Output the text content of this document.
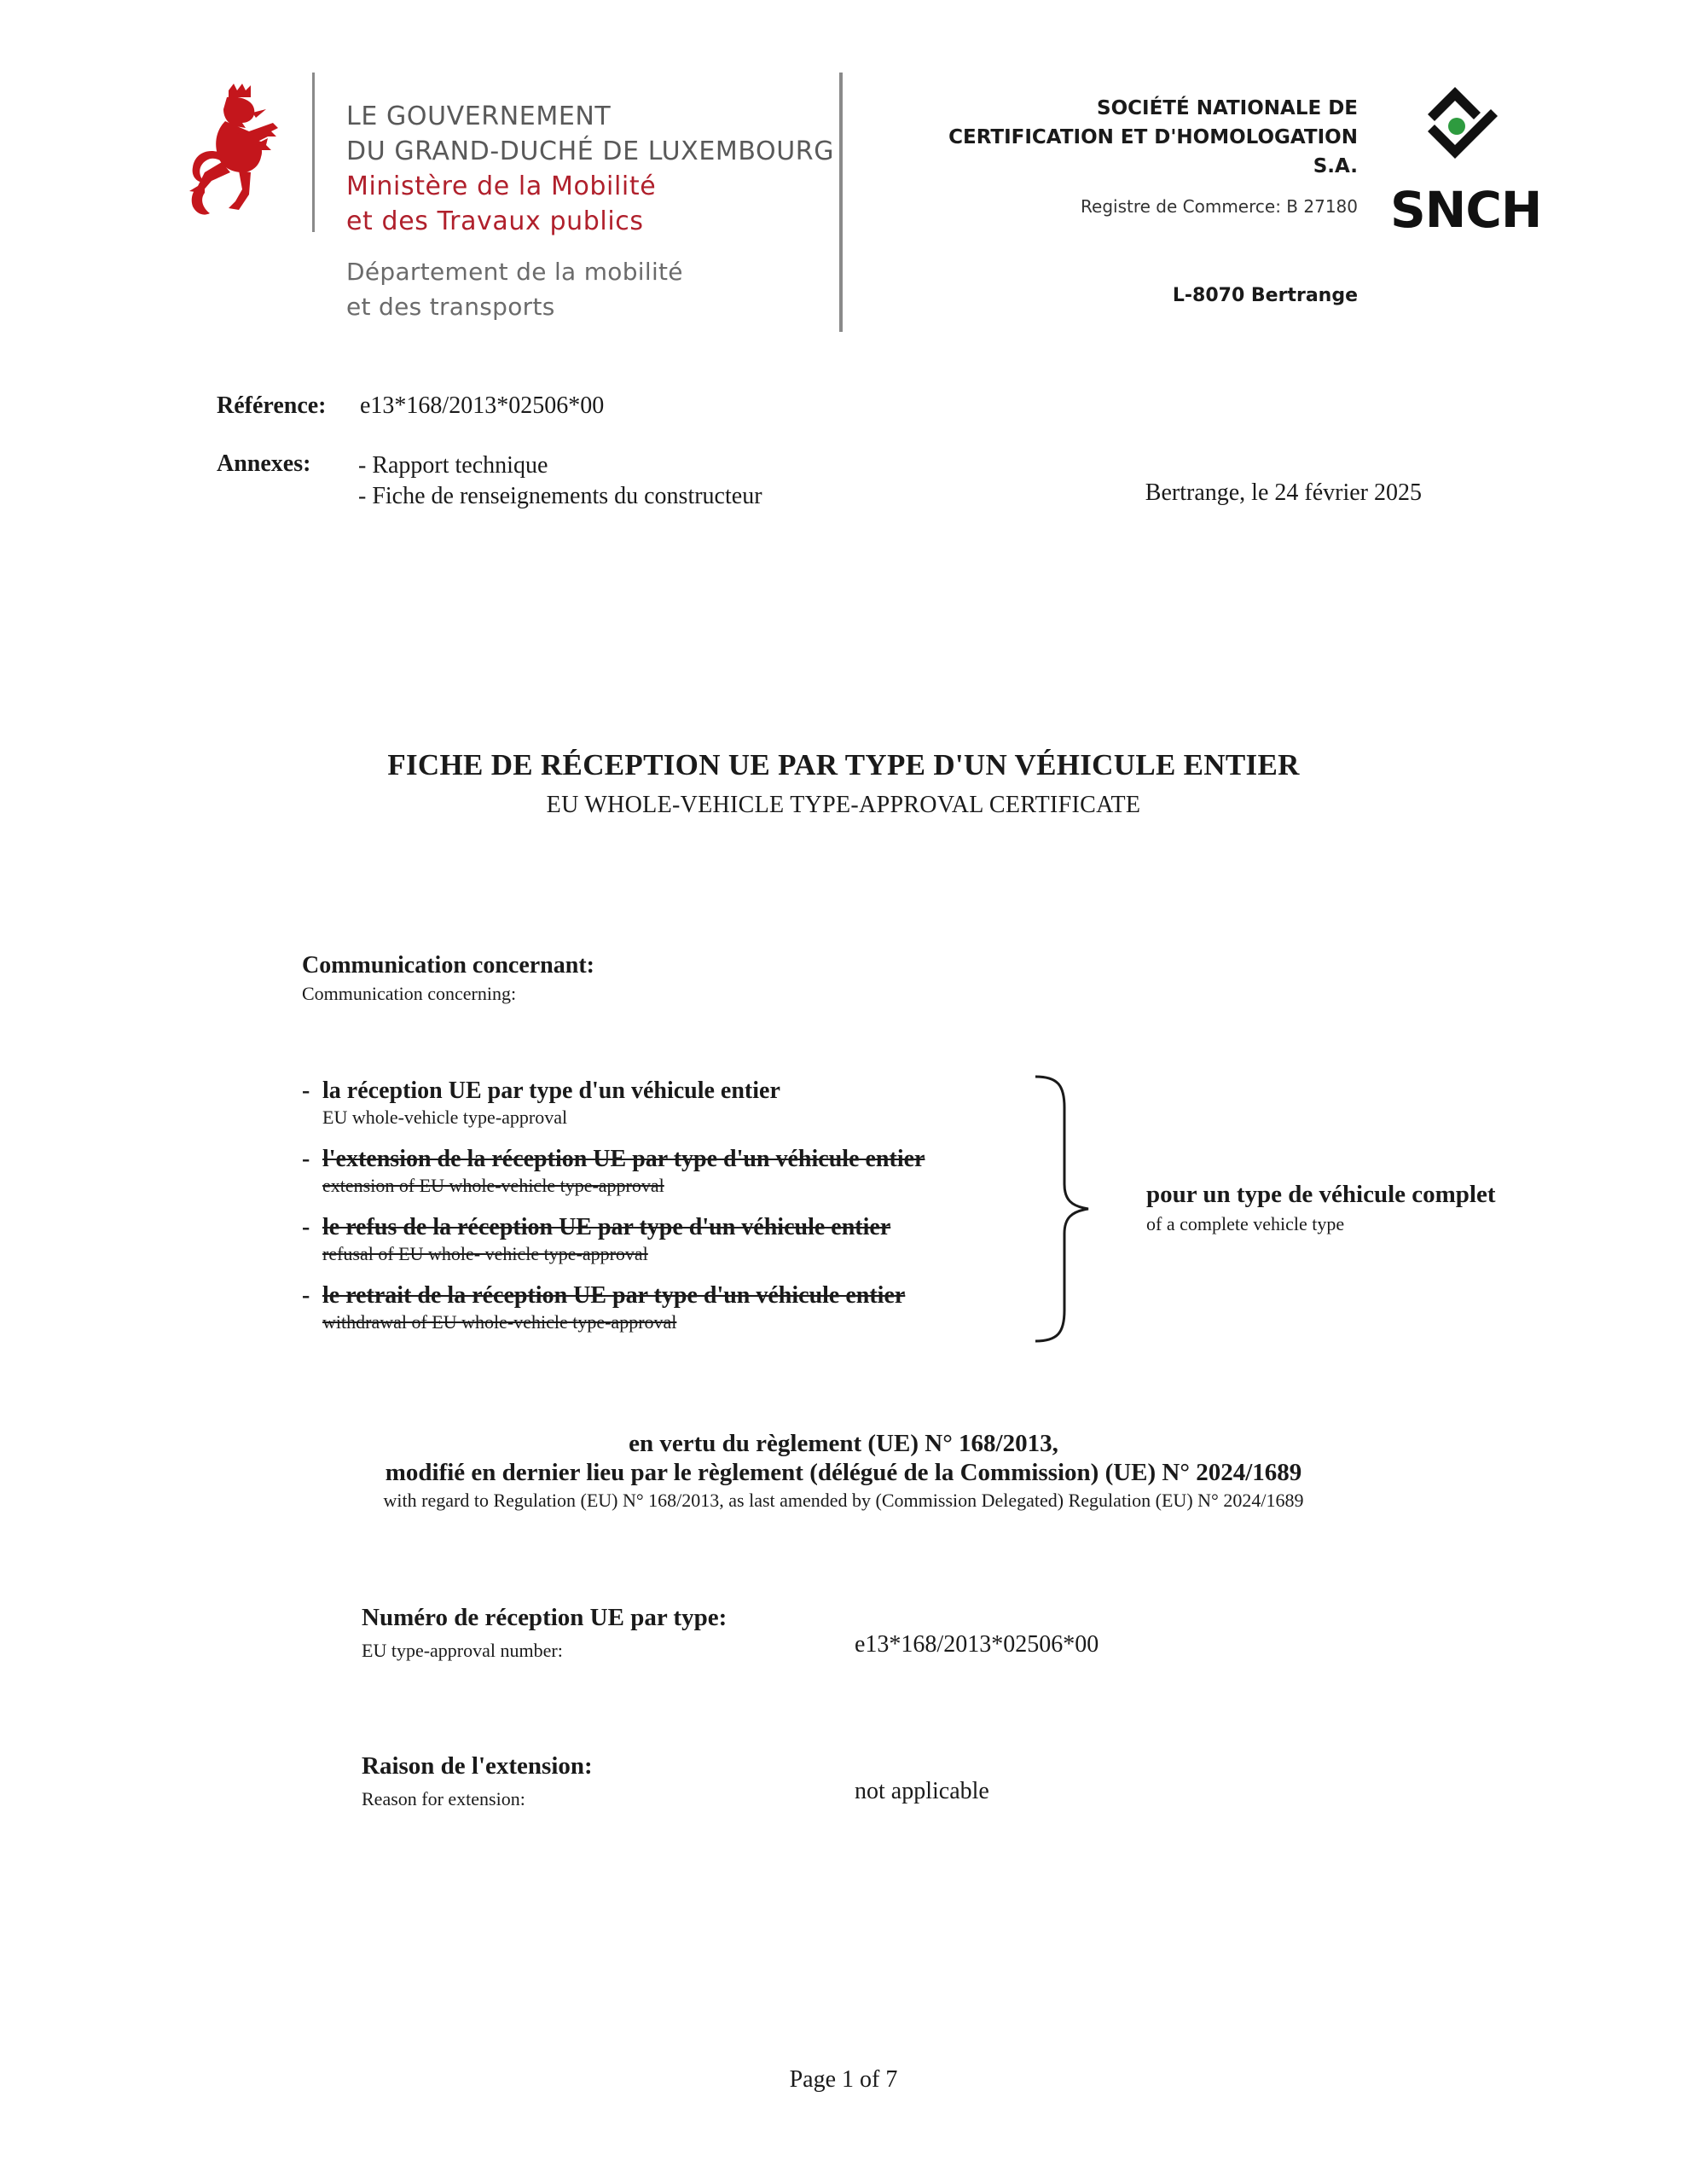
LE GOUVERNEMENT
DU GRAND-DUCHÉ DE LUXEMBOURG
Ministère de la Mobilité
et des Travaux publics
Département de la mobilité
et des transports
SOCIÉTÉ NATIONALE DE
CERTIFICATION ET D'HOMOLOGATION
S.A.
Registre de Commerce: B 27180
L-8070 Bertrange
SNCH
Référence: e13*168/2013*02506*00
Annexes: - Rapport technique
- Fiche de renseignements du constructeur	Bertrange, le 24 février 2025
FICHE DE RÉCEPTION UE PAR TYPE D'UN VÉHICULE ENTIER
EU WHOLE-VEHICLE TYPE-APPROVAL CERTIFICATE
Communication concernant:
Communication concerning:
- la réception UE par type d'un véhicule entier
EU whole-vehicle type-approval
- l'extension de la réception UE par type d'un véhicule entier
extension of EU whole-vehicle type-approval
- le refus de la réception UE par type d'un véhicule entier
refusal of EU whole- vehicle type-approval
- le retrait de la réception UE par type d'un véhicule entier
withdrawal of EU whole-vehicle type-approval
pour un type de véhicule complet
of a complete vehicle type
en vertu du règlement (UE) N° 168/2013,
modifié en dernier lieu par le règlement (délégué de la Commission) (UE) N° 2024/1689
with regard to Regulation (EU) N° 168/2013, as last amended by (Commission Delegated) Regulation (EU) N° 2024/1689
Numéro de réception UE par type:
EU type-approval number:	e13*168/2013*02506*00
Raison de l'extension:
Reason for extension:	not applicable
Page 1 of 7
